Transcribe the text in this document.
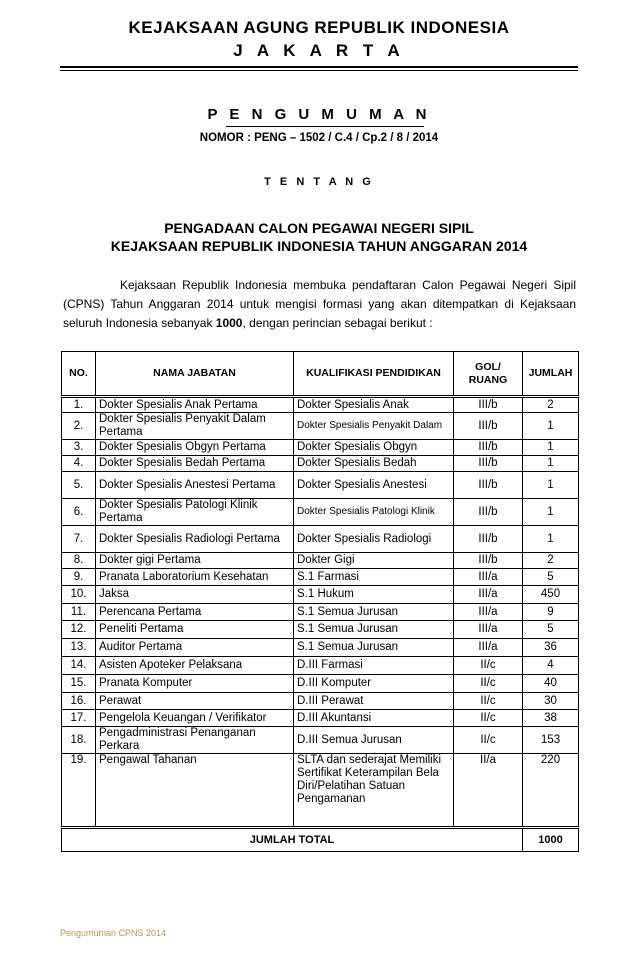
KEJAKSAAN AGUNG REPUBLIK INDONESIA
J A K A R T A
P E N G U M U M A N
NOMOR : PENG – 1502 / C.4 / Cp.2 / 8 / 2014
T E N T A N G
PENGADAAN CALON PEGAWAI NEGERI SIPIL
KEJAKSAAN REPUBLIK INDONESIA TAHUN ANGGARAN 2014
Kejaksaan Republik Indonesia membuka pendaftaran Calon Pegawai Negeri Sipil (CPNS) Tahun Anggaran 2014 untuk mengisi formasi yang akan ditempatkan di Kejaksaan seluruh Indonesia sebanyak 1000, dengan perincian sebagai berikut :
NO.	NAMA JABATAN	KUALIFIKASI PENDIDIKAN	GOL/ RUANG	JUMLAH
1.	Dokter Spesialis Anak Pertama	Dokter Spesialis Anak	III/b	2
2.	Dokter Spesialis Penyakit Dalam Pertama	Dokter Spesialis Penyakit Dalam	III/b	1
3.	Dokter Spesialis Obgyn Pertama	Dokter Spesialis Obgyn	III/b	1
4.	Dokter Spesialis Bedah Pertama	Dokter Spesialis Bedah	III/b	1
5.	Dokter Spesialis Anestesi Pertama	Dokter Spesialis Anestesi	III/b	1
6.	Dokter Spesialis Patologi Klinik Pertama	Dokter Spesialis Patologi Klinik	III/b	1
7.	Dokter Spesialis Radiologi Pertama	Dokter Spesialis Radiologi	III/b	1
8.	Dokter gigi Pertama	Dokter Gigi	III/b	2
9.	Pranata Laboratorium Kesehatan	S.1 Farmasi	III/a	5
10.	Jaksa	S.1 Hukum	III/a	450
11.	Perencana Pertama	S.1 Semua Jurusan	III/a	9
12.	Peneliti Pertama	S.1 Semua Jurusan	III/a	5
13.	Auditor Pertama	S.1 Semua Jurusan	III/a	36
14.	Asisten Apoteker Pelaksana	D.III Farmasi	II/c	4
15.	Pranata Komputer	D.III Komputer	II/c	40
16.	Perawat	D.III Perawat	II/c	30
17.	Pengelola Keuangan / Verifikator	D.III Akuntansi	II/c	38
18.	Pengadministrasi Penanganan Perkara	D.III Semua Jurusan	II/c	153
19.	Pengawal Tahanan	SLTA dan sederajat Memiliki Sertifikat Keterampilan Bela Diri/Pelatihan Satuan Pengamanan	II/a	220
JUMLAH TOTAL				1000
Pengumuman CPNS 2014
